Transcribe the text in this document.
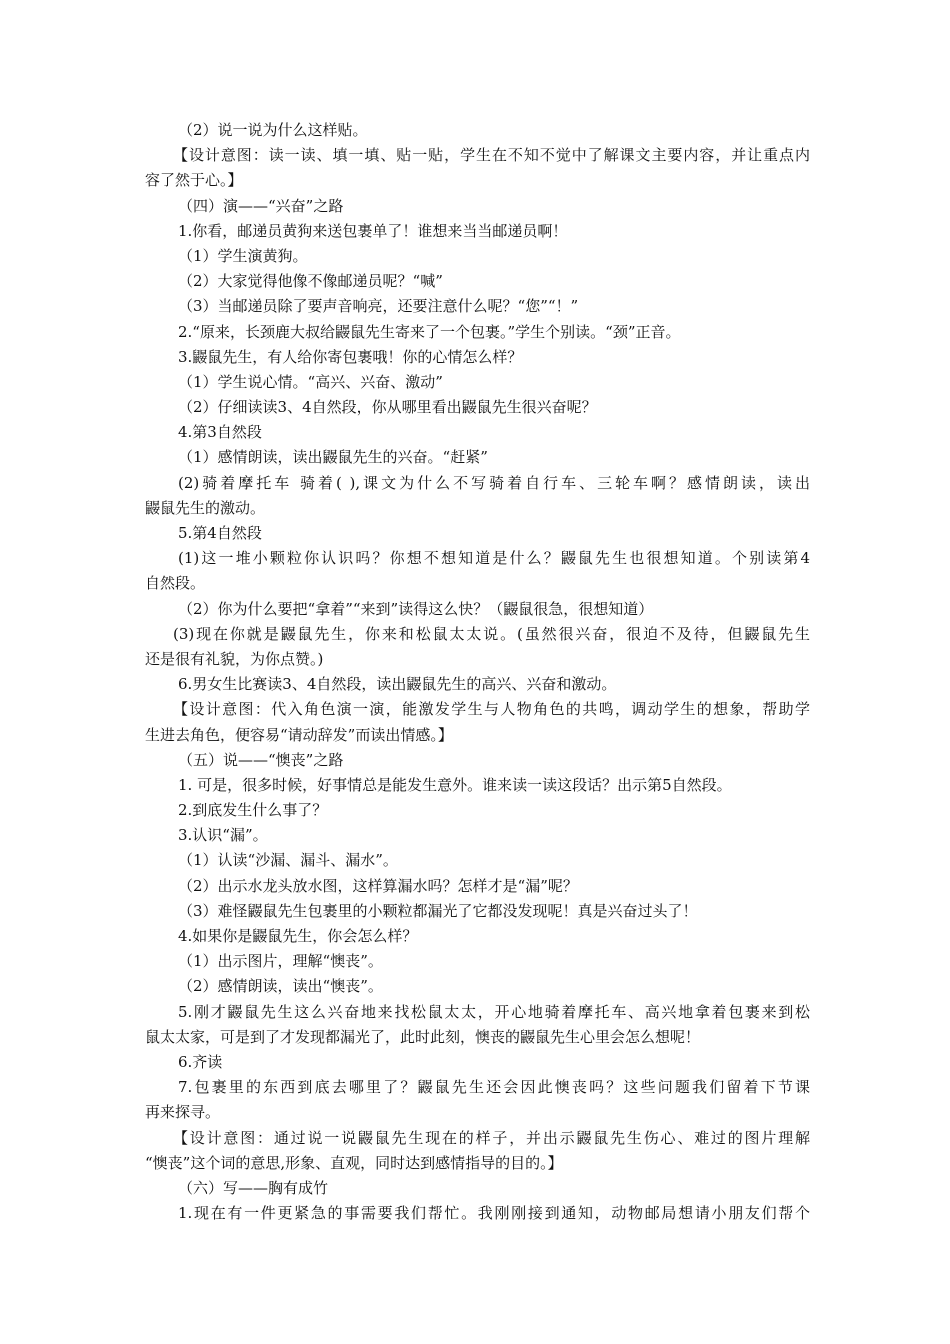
（2）说一说为什么这样贴。
【设计意图：读一读、填一填、贴一贴，学生在不知不觉中了解课文主要内容，并让重点内
容了然于心。】
（四）演——“兴奋”之路
1.你看，邮递员黄狗来送包裹单了！谁想来当当邮递员啊！
（1）学生演黄狗。
（2）大家觉得他像不像邮递员呢？“喊”
（3）当邮递员除了要声音响亮，还要注意什么呢？“您”“！”
2.“原来，长颈鹿大叔给鼹鼠先生寄来了一个包裹。”学生个别读。“颈”正音。
3.鼹鼠先生，有人给你寄包裹哦！你的心情怎么样？
（1）学生说心情。“高兴、兴奋、激动”
（2）仔细读读3、4自然段，你从哪里看出鼹鼠先生很兴奋呢？
4.第3自然段
（1）感情朗读，读出鼹鼠先生的兴奋。“赶紧”
(2)骑着摩托车 骑着( ),课文为什么不写骑着自行车、三轮车啊？感情朗读，读出
鼹鼠先生的激动。
5.第4自然段
(1)这一堆小颗粒你认识吗？你想不想知道是什么？鼹鼠先生也很想知道。个别读第4
自然段。
（2）你为什么要把“拿着”“来到”读得这么快？（鼹鼠很急，很想知道）
(3)现在你就是鼹鼠先生，你来和松鼠太太说。(虽然很兴奋，很迫不及待，但鼹鼠先生
还是很有礼貌，为你点赞。)
6.男女生比赛读3、4自然段，读出鼹鼠先生的高兴、兴奋和激动。
【设计意图：代入角色演一演，能激发学生与人物角色的共鸣，调动学生的想象，帮助学
生进去角色，便容易“请动辞发”而读出情感。】
（五）说——“懊丧”之路
1. 可是，很多时候，好事情总是能发生意外。谁来读一读这段话？出示第5自然段。
2.到底发生什么事了？
3.认识“漏”。
（1）认读“沙漏、漏斗、漏水”。
（2）出示水龙头放水图，这样算漏水吗？怎样才是“漏”呢？
（3）难怪鼹鼠先生包裹里的小颗粒都漏光了它都没发现呢！真是兴奋过头了！
4.如果你是鼹鼠先生，你会怎么样？
（1）出示图片，理解“懊丧”。
（2）感情朗读，读出“懊丧”。
5.刚才鼹鼠先生这么兴奋地来找松鼠太太，开心地骑着摩托车、高兴地拿着包裹来到松
鼠太太家，可是到了才发现都漏光了，此时此刻，懊丧的鼹鼠先生心里会怎么想呢！
6.齐读
7.包裹里的东西到底去哪里了？鼹鼠先生还会因此懊丧吗？这些问题我们留着下节课
再来探寻。
【设计意图：通过说一说鼹鼠先生现在的样子，并出示鼹鼠先生伤心、难过的图片理解
“懊丧”这个词的意思,形象、直观，同时达到感情指导的目的。】
（六）写——胸有成竹
1.现在有一件更紧急的事需要我们帮忙。我刚刚接到通知，动物邮局想请小朋友们帮个
